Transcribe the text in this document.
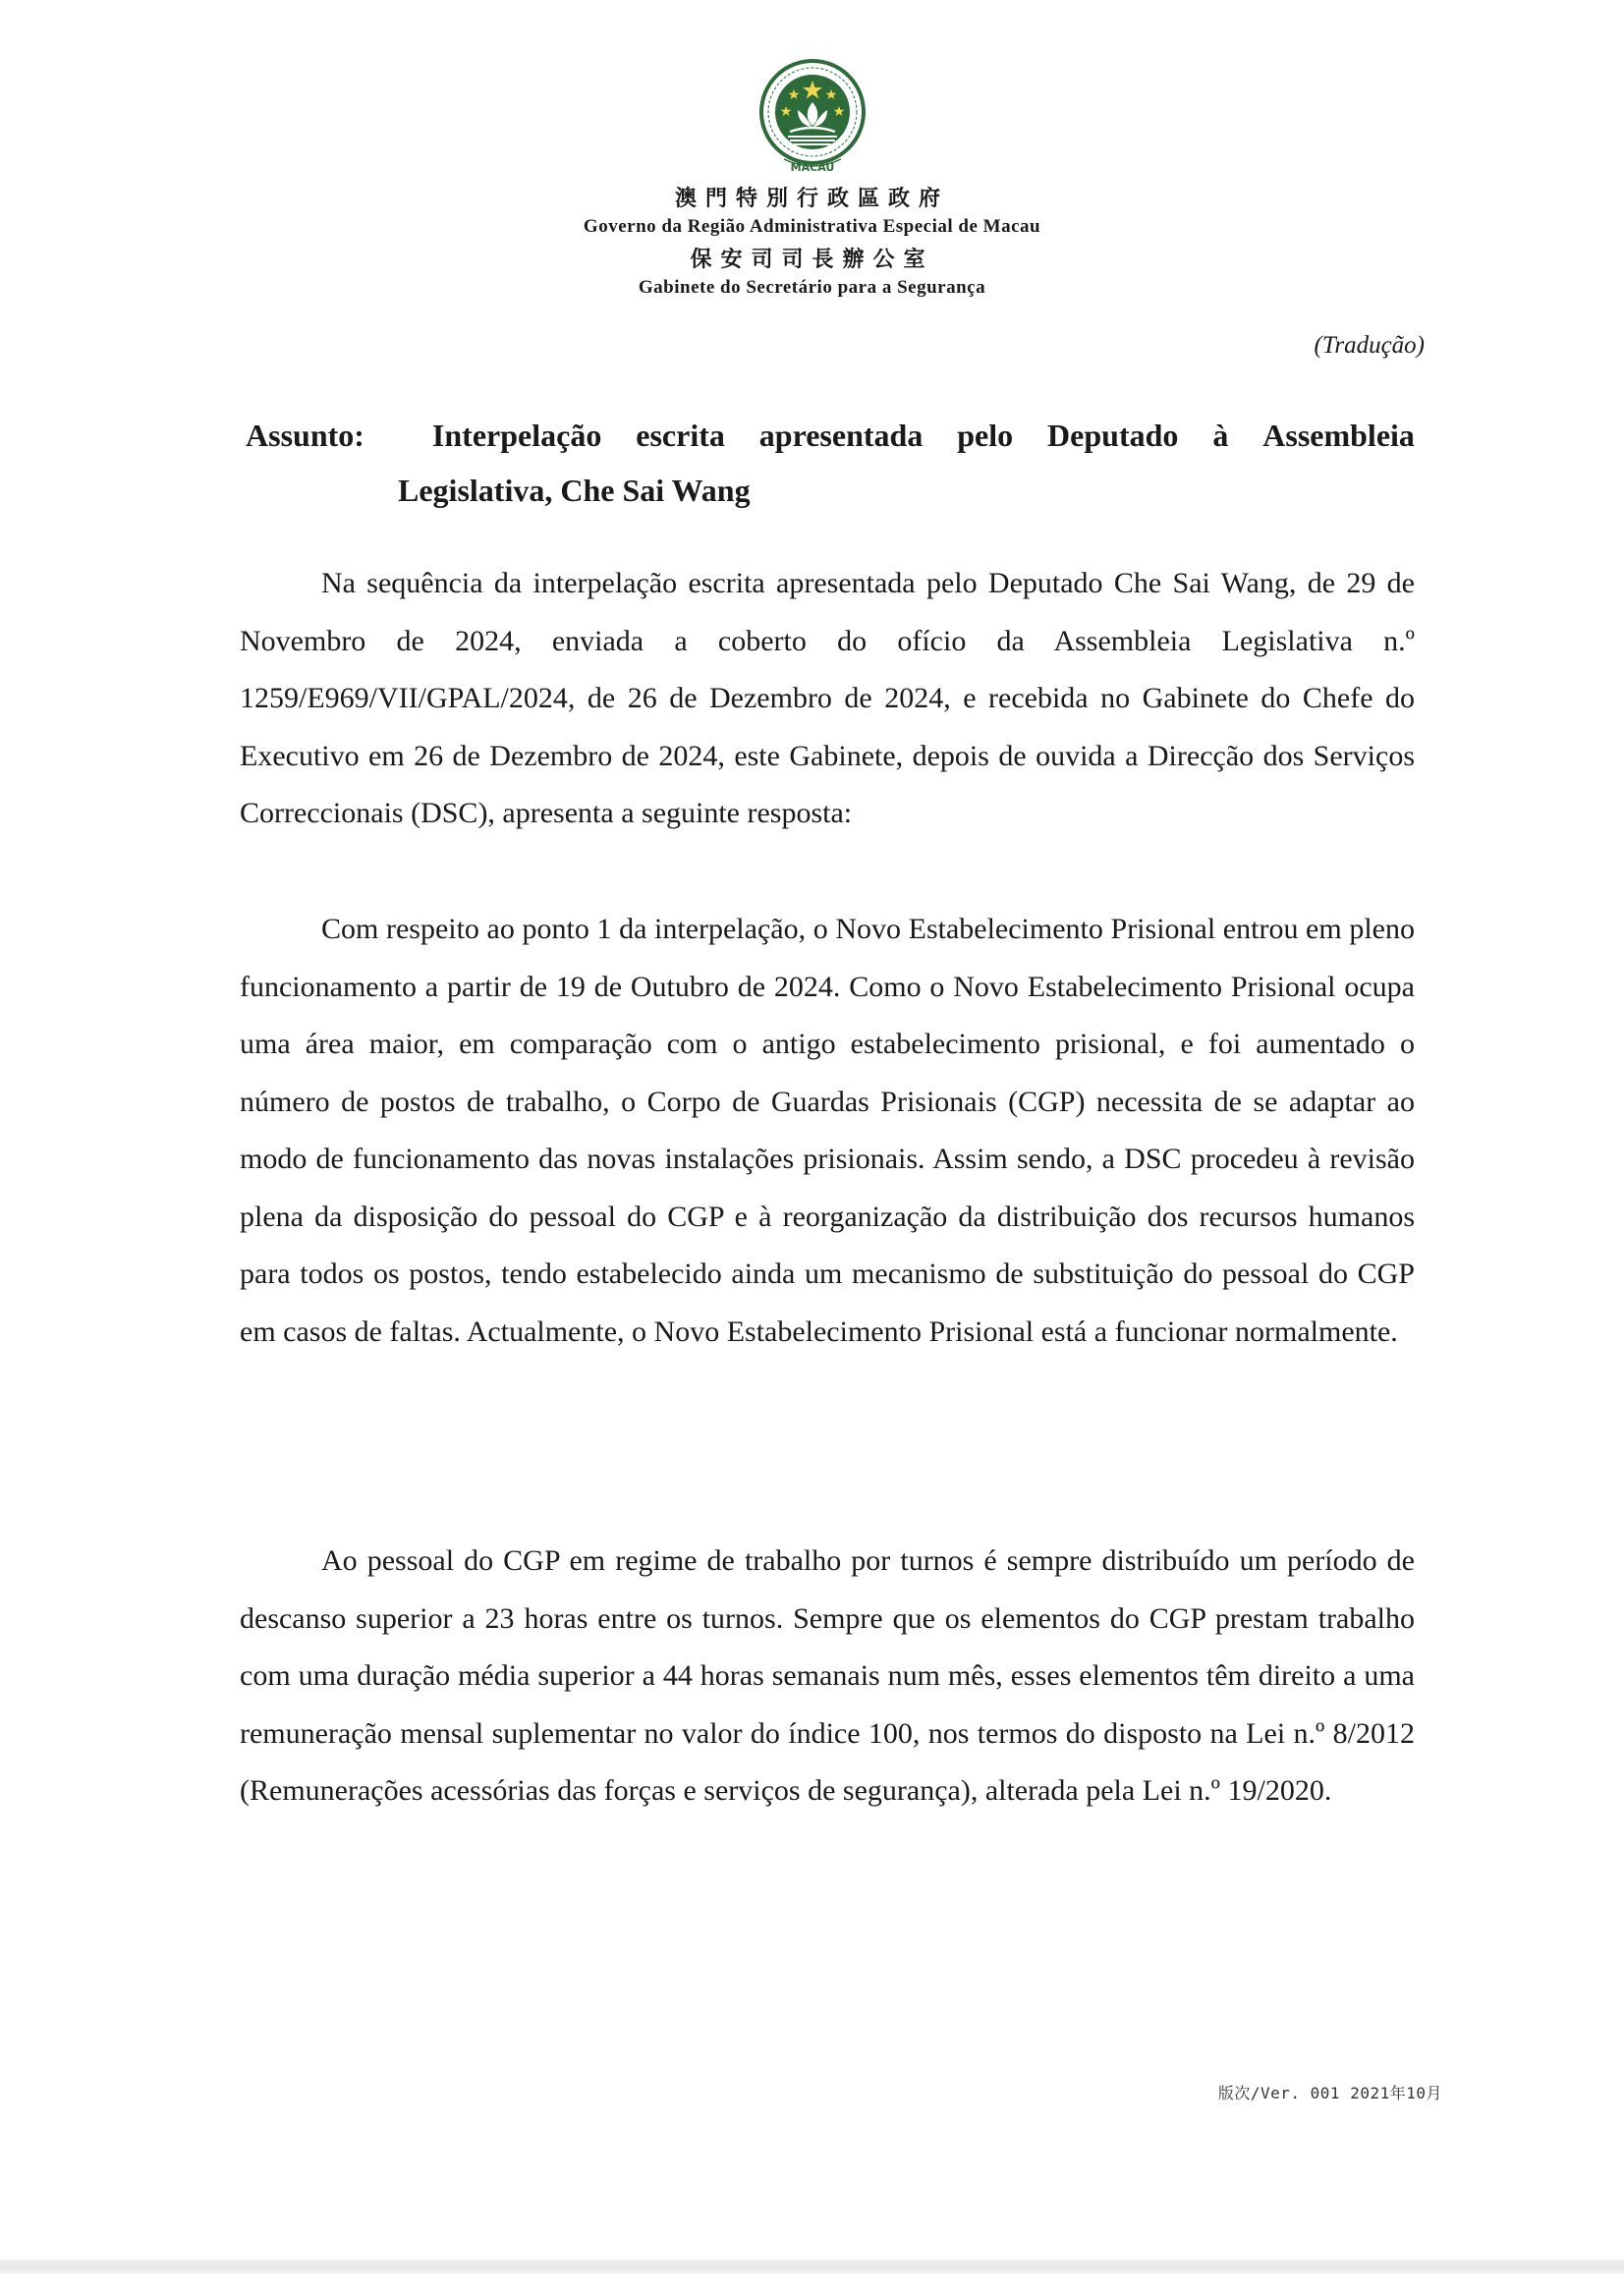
MACAU
澳門特別行政區政府
Governo da Região Administrativa Especial de Macau
保安司司長辦公室
Gabinete do Secretário para a Segurança
(Tradução)
Assunto:	Interpelação escrita apresentada pelo Deputado à Assembleia
Legislativa, Che Sai Wang

Na sequência da interpelação escrita apresentada pelo Deputado Che Sai Wang, de 29 de Novembro de 2024, enviada a coberto do ofício da Assembleia Legislativa n.º 1259/E969/VII/GPAL/2024, de 26 de Dezembro de 2024, e recebida no Gabinete do Chefe do Executivo em 26 de Dezembro de 2024, este Gabinete, depois de ouvida a Direcção dos Serviços Correccionais (DSC), apresenta a seguinte resposta:

Com respeito ao ponto 1 da interpelação, o Novo Estabelecimento Prisional entrou em pleno funcionamento a partir de 19 de Outubro de 2024. Como o Novo Estabelecimento Prisional ocupa uma área maior, em comparação com o antigo estabelecimento prisional, e foi aumentado o número de postos de trabalho, o Corpo de Guardas Prisionais (CGP) necessita de se adaptar ao modo de funcionamento das novas instalações prisionais. Assim sendo, a DSC procedeu à revisão plena da disposição do pessoal do CGP e à reorganização da distribuição dos recursos humanos para todos os postos, tendo estabelecido ainda um mecanismo de substituição do pessoal do CGP em casos de faltas. Actualmente, o Novo Estabelecimento Prisional está a funcionar normalmente.

Ao pessoal do CGP em regime de trabalho por turnos é sempre distribuído um período de descanso superior a 23 horas entre os turnos. Sempre que os elementos do CGP prestam trabalho com uma duração média superior a 44 horas semanais num mês, esses elementos têm direito a uma remuneração mensal suplementar no valor do índice 100, nos termos do disposto na Lei n.º 8/2012 (Remunerações acessórias das forças e serviços de segurança), alterada pela Lei n.º 19/2020.

版次/Ver. 001 2021年10月
